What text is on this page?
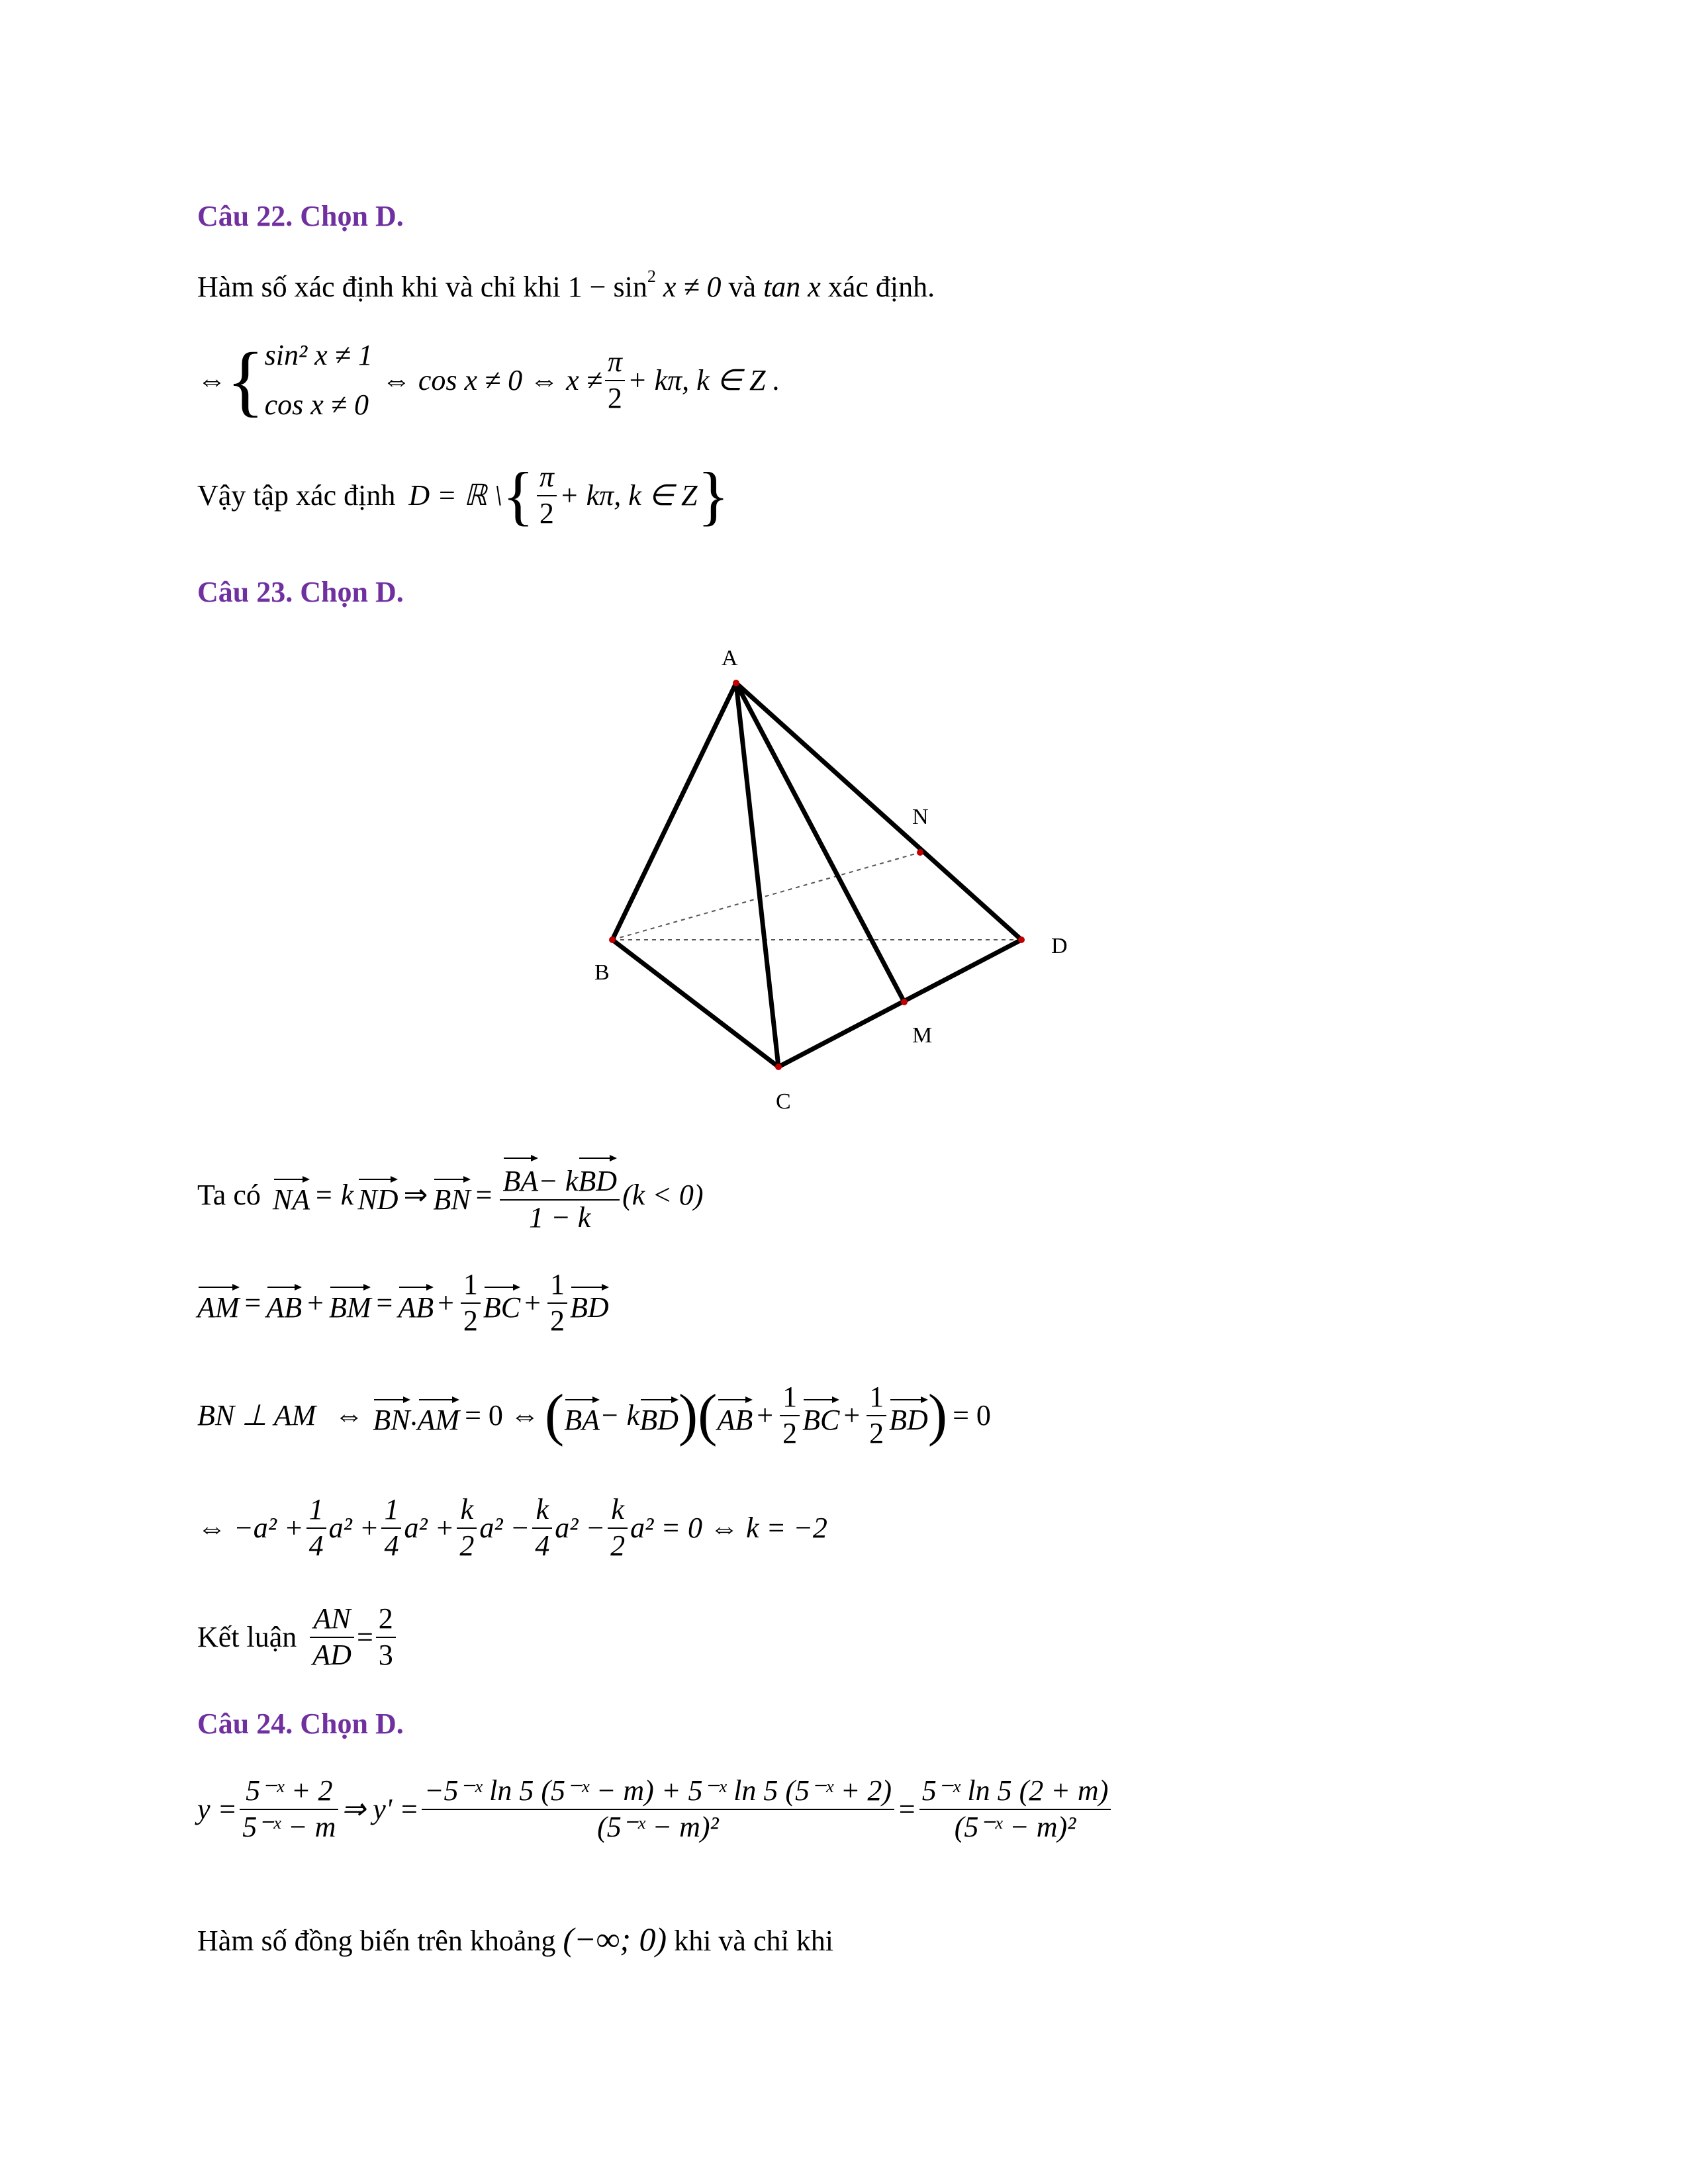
Câu 22. Chọn D.
Hàm số xác định khi và chỉ khi $1 - \sin^2 x \ne 0$ và tan x xác định.
⇔ { sin² x ≠ 1
cos x ≠ 0
⇔ cos x ≠ 0 ⇔ $x \ne \frac{\pi}{2} + k\pi$, k ∈ Z .
Vậy tập xác định D = ℝ \ { $\frac{\pi}{2} + k\pi$, k ∈ Z }
Câu 23. Chọn D.
A
B
C
D
M
N
Ta có NA = k ND ⇒ BN = $\frac{\text{BA− kBD}}{1 - k} (k < 0)$
AM = AB + BM = AB + $\frac{1}{2}$ BC + $\frac{1}{2}$ BD
BN ⊥ AM ⇔ BN . AM = 0 ⇔ ( BA − k BD ) ( AB + $\frac{1}{2}$ BC + $\frac{1}{2}$ BD ) = 0
⇔ $-a^2 + \frac{1}{4} a^2 + \frac{1}{4} a^2 + \frac{k}{2} a^2 - \frac{k}{4} a^2 - \frac{k}{2} a^2 = 0$ ⇔ k = −2
Kết luận $\frac{AN}{AD} = \frac{2}{3}$
Câu 24. Chọn D.
$y = \frac{\text{5⁻ˣ + 2}}{\text{5⁻ˣ − m}}$ ⇒ $y' = \frac{\text{−5⁻ˣ ln 5 (5⁻ˣ − m) + 5⁻ˣ ln 5 (5⁻ˣ + 2)}}{\text{(5⁻ˣ − m)²}} = \frac{\text{5⁻ˣ ln 5 (2 + m)}}{\text{(5⁻ˣ − m)²}}$
Hàm số đồng biến trên khoảng (−∞; 0) khi và chỉ khi
